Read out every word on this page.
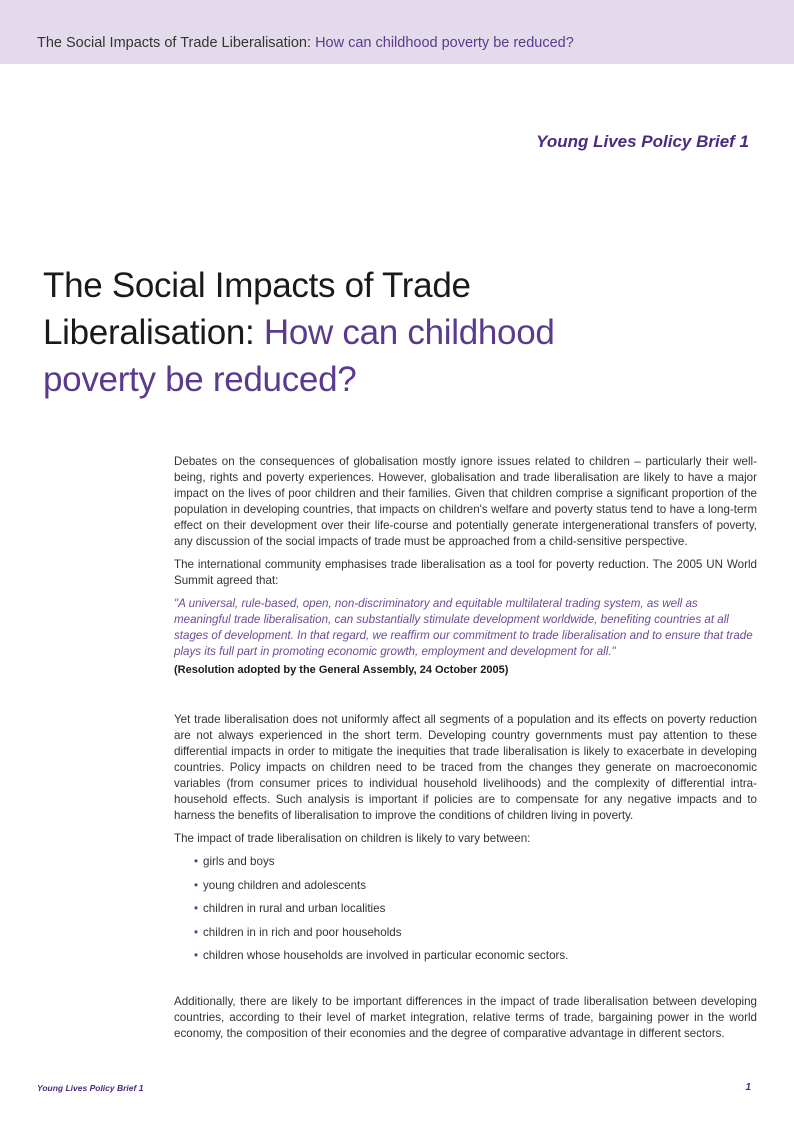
The Social Impacts of Trade Liberalisation: How can childhood poverty be reduced?
Young Lives Policy Brief 1
The Social Impacts of Trade
Liberalisation: How can childhood
poverty be reduced?

Debates on the consequences of globalisation mostly ignore issues related to children – particularly their well-being, rights and poverty experiences. However, globalisation and trade liberalisation are likely to have a major impact on the lives of poor children and their families. Given that children comprise a significant proportion of the population in developing countries, that impacts on children's welfare and poverty status tend to have a long-term effect on their development over their life-course and potentially generate intergenerational transfers of poverty, any discussion of the social impacts of trade must be approached from a child-sensitive perspective.

The international community emphasises trade liberalisation as a tool for poverty reduction. The 2005 UN World Summit agreed that:

"A universal, rule-based, open, non-discriminatory and equitable multilateral trading system, as well as meaningful trade liberalisation, can substantially stimulate development worldwide, benefiting countries at all stages of development. In that regard, we reaffirm our commitment to trade liberalisation and to ensure that trade plays its full part in promoting economic growth, employment and development for all."

(Resolution adopted by the General Assembly, 24 October 2005)

Yet trade liberalisation does not uniformly affect all segments of a population and its effects on poverty reduction are not always experienced in the short term. Developing country governments must pay attention to these differential impacts in order to mitigate the inequities that trade liberalisation is likely to exacerbate in developing countries. Policy impacts on children need to be traced from the changes they generate on macroeconomic variables (from consumer prices to individual household livelihoods) and the complexity of differential intra-household effects. Such analysis is important if policies are to compensate for any negative impacts and to harness the benefits of liberalisation to improve the conditions of children living in poverty.

The impact of trade liberalisation on children is likely to vary between:

• girls and boys
• young children and adolescents
• children in rural and urban localities
• children in in rich and poor households
• children whose households are involved in particular economic sectors.

Additionally, there are likely to be important differences in the impact of trade liberalisation between developing countries, according to their level of market integration, relative terms of trade, bargaining power in the world economy, the composition of their economies and the degree of comparative advantage in different sectors.

Young Lives Policy Brief 1	1
